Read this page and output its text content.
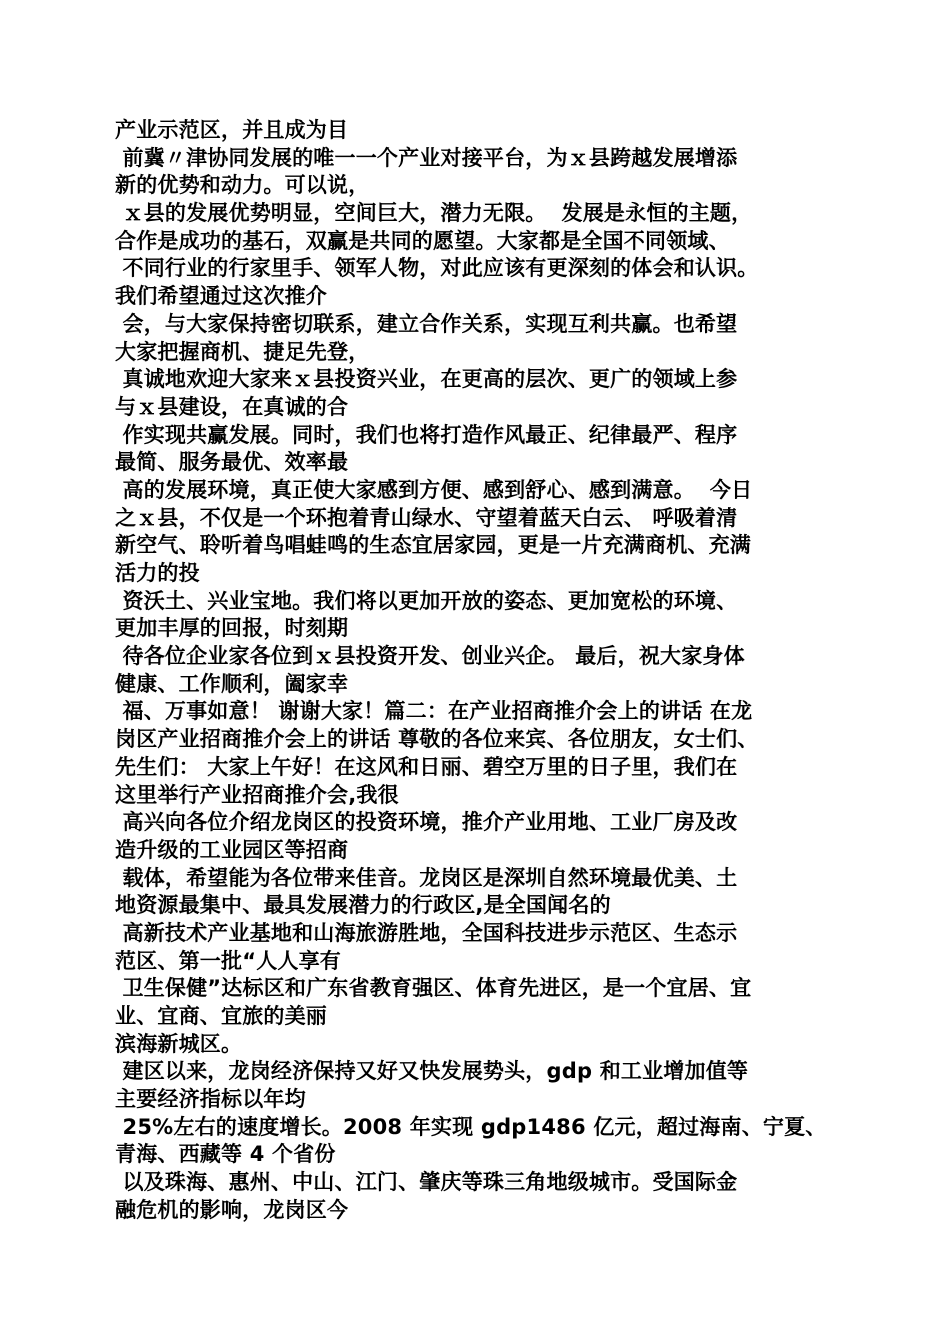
产业示范区，并且成为目
前冀〃津协同发展的唯一一个产业对接平台，为ｘ县跨越发展增添
新的优势和动力。可以说，
ｘ县的发展优势明显，空间巨大，潜力无限。  发展是永恒的主题，
合作是成功的基石，双赢是共同的愿望。大家都是全国不同领域、
不同行业的行家里手、领军人物，对此应该有更深刻的体会和认识。
我们希望通过这次推介
会，与大家保持密切联系，建立合作关系，实现互利共赢。也希望
大家把握商机、捷足先登，
真诚地欢迎大家来ｘ县投资兴业，在更高的层次、更广的领域上参
与ｘ县建设，在真诚的合
作实现共赢发展。同时，我们也将打造作风最正、纪律最严、程序
最简、服务最优、效率最
高的发展环境，真正使大家感到方便、感到舒心、感到满意。  今日
之ｘ县，不仅是一个环抱着青山绿水、守望着蓝天白云、 呼吸着清
新空气、聆听着鸟唱蛙鸣的生态宜居家园，更是一片充满商机、充满
活力的投
资沃土、兴业宝地。我们将以更加开放的姿态、更加宽松的环境、
更加丰厚的回报，时刻期
待各位企业家各位到ｘ县投资开发、创业兴企。 最后，祝大家身体
健康、工作顺利，阖家幸
福、万事如意！ 谢谢大家！篇二：在产业招商推介会上的讲话 在龙
岗区产业招商推介会上的讲话 尊敬的各位来宾、各位朋友，女士们、
先生们： 大家上午好！在这风和日丽、碧空万里的日子里，我们在
这里举行产业招商推介会,我很
高兴向各位介绍龙岗区的投资环境，推介产业用地、工业厂房及改
造升级的工业园区等招商
载体，希望能为各位带来佳音。龙岗区是深圳自然环境最优美、土
地资源最集中、最具发展潜力的行政区,是全国闻名的
高新技术产业基地和山海旅游胜地，全国科技进步示范区、生态示
范区、第一批“人人享有
卫生保健”达标区和广东省教育强区、体育先进区，是一个宜居、宜
业、宜商、宜旅的美丽
滨海新城区。
建区以来，龙岗经济保持又好又快发展势头，gdp 和工业增加值等
主要经济指标以年均
25%左右的速度增长。2008 年实现 gdp1486 亿元，超过海南、宁夏、
青海、西藏等 4 个省份
以及珠海、惠州、中山、江门、肇庆等珠三角地级城市。受国际金
融危机的影响，龙岗区今
